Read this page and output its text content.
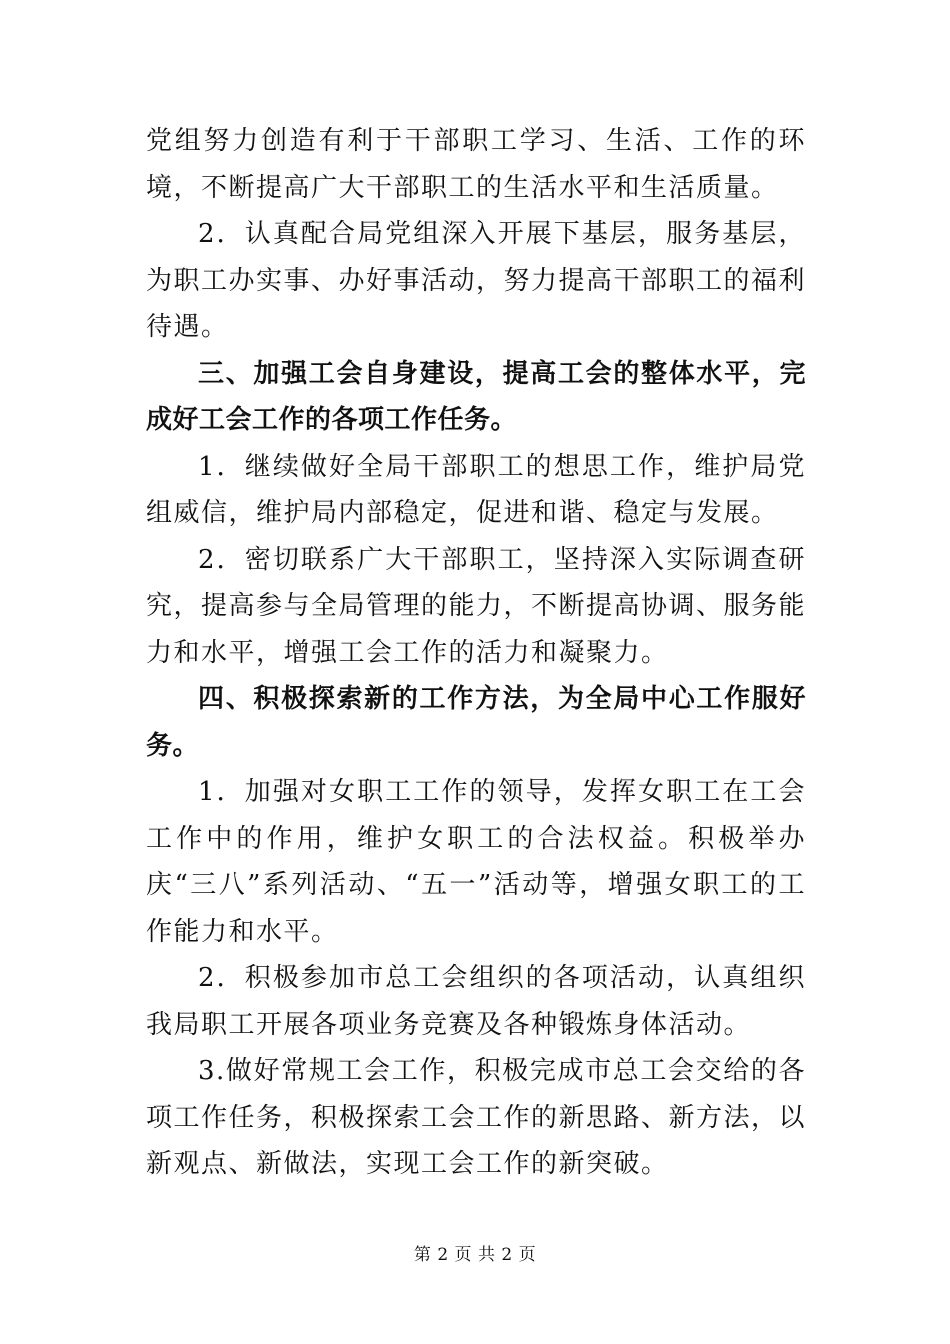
党组努力创造有利于干部职工学习、生活、工作的环境，不断提高广大干部职工的生活水平和生活质量。

2．认真配合局党组深入开展下基层，服务基层，为职工办实事、办好事活动，努力提高干部职工的福利待遇。

三、加强工会自身建设，提高工会的整体水平，完成好工会工作的各项工作任务。

1．继续做好全局干部职工的想思工作，维护局党组威信，维护局内部稳定，促进和谐、稳定与发展。

2．密切联系广大干部职工，坚持深入实际调查研究，提高参与全局管理的能力，不断提高协调、服务能力和水平，增强工会工作的活力和凝聚力。

四、积极探索新的工作方法，为全局中心工作服好务。

1．加强对女职工工作的领导，发挥女职工在工会工作中的作用，维护女职工的合法权益。积极举办庆“三八”系列活动、“五一”活动等，增强女职工的工作能力和水平。

2．积极参加市总工会组织的各项活动，认真组织我局职工开展各项业务竞赛及各种锻炼身体活动。

3.做好常规工会工作，积极完成市总工会交给的各项工作任务，积极探索工会工作的新思路、新方法，以新观点、新做法，实现工会工作的新突破。

第 2 页 共 2 页
